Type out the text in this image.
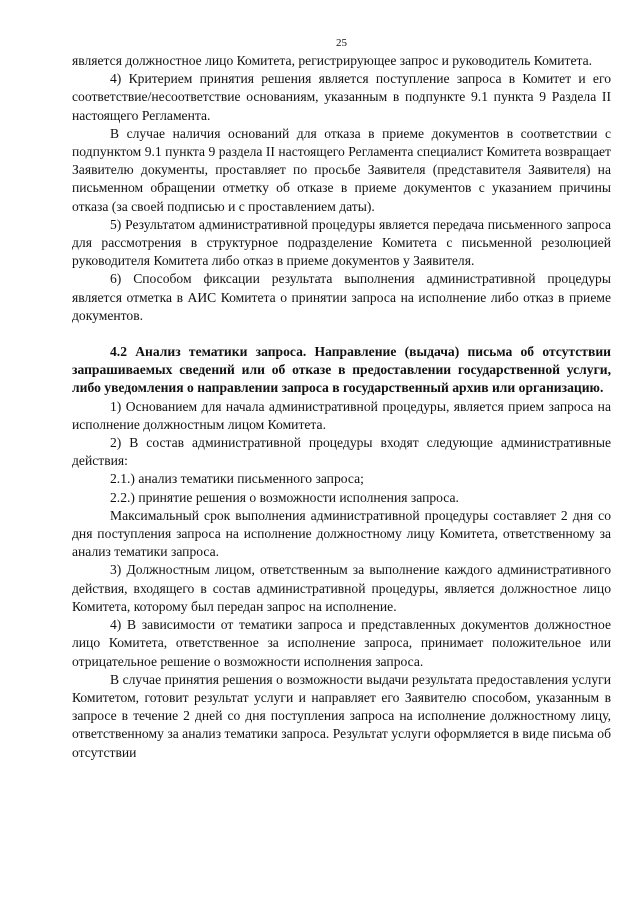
25

является должностное лицо Комитета, регистрирующее запрос и руководитель Комитета.

4) Критерием принятия решения является поступление запроса в Комитет и его соответствие/несоответствие основаниям, указанным в подпункте 9.1 пункта 9 Раздела II настоящего Регламента.

В случае наличия оснований для отказа в приеме документов в соответствии с подпунктом 9.1 пункта 9 раздела II настоящего Регламента специалист Комитета возвращает Заявителю документы, проставляет по просьбе Заявителя (представителя Заявителя) на письменном обращении отметку об отказе в приеме документов с указанием причины отказа (за своей подписью и с проставлением даты).

5) Результатом административной процедуры является передача письменного запроса для рассмотрения в структурное подразделение Комитета с письменной резолюцией руководителя Комитета либо отказ в приеме документов у Заявителя.

6) Способом фиксации результата выполнения административной процедуры является отметка в АИС Комитета о принятии запроса на исполнение либо отказ в приеме документов.

4.2 Анализ тематики запроса. Направление (выдача) письма об отсутствии запрашиваемых сведений или об отказе в предоставлении государственной услуги, либо уведомления о направлении запроса в государственный архив или организацию.

1) Основанием для начала административной процедуры, является прием запроса на исполнение должностным лицом Комитета.

2) В состав административной процедуры входят следующие административные действия:

2.1.) анализ тематики письменного запроса;

2.2.) принятие решения о возможности исполнения запроса.

Максимальный срок выполнения административной процедуры составляет 2 дня со дня поступления запроса на исполнение должностному лицу Комитета, ответственному за анализ тематики запроса.

3) Должностным лицом, ответственным за выполнение каждого административного действия, входящего в состав административной процедуры, является должностное лицо Комитета, которому был передан запрос на исполнение.

4) В зависимости от тематики запроса и представленных документов должностное лицо Комитета, ответственное за исполнение запроса, принимает положительное или отрицательное решение о возможности исполнения запроса.

В случае принятия решения о возможности выдачи результата предоставления услуги Комитетом, готовит результат услуги и направляет его Заявителю способом, указанным в запросе в течение 2 дней со дня поступления запроса на исполнение должностному лицу, ответственному за анализ тематики запроса. Результат услуги оформляется в виде письма об отсутствии
